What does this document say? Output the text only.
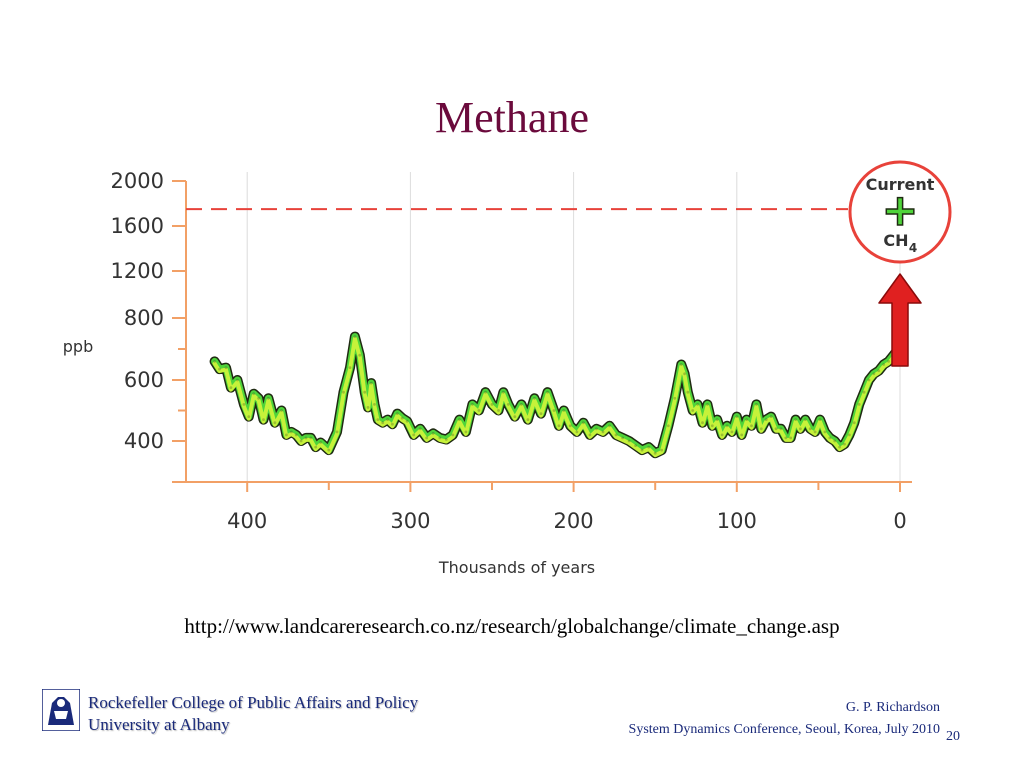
Methane
2000
1600
1200
800
600
400
400	300	200	100	0
Current
+
CH 4
ppb
Thousands of years
http://www.landcareresearch.co.nz/research/globalchange/climate_change.asp
Rockefeller College of Public Affairs and Policy
University at Albany
G. P. Richardson
System Dynamics Conference, Seoul, Korea, July 2010 20
